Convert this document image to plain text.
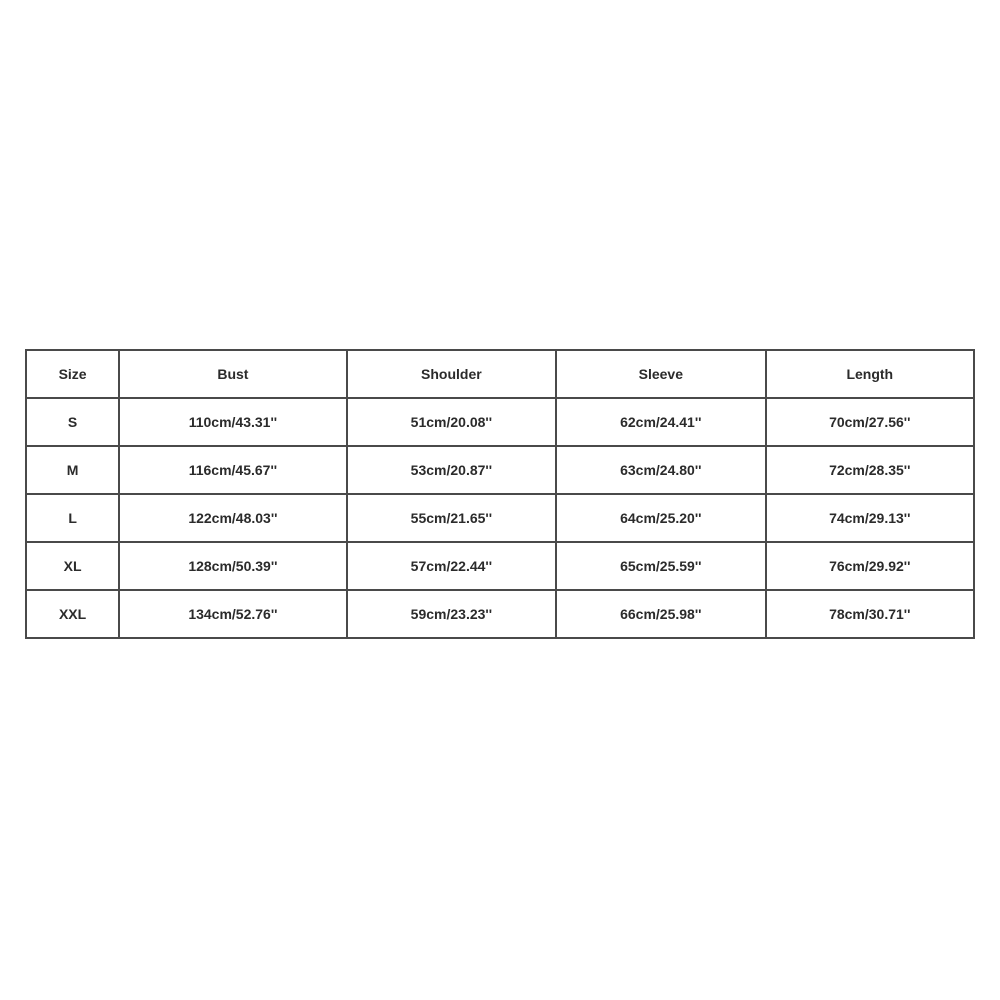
Size	Bust	Shoulder	Sleeve	Length
S	110cm/43.31''	51cm/20.08''	62cm/24.41''	70cm/27.56''
M	116cm/45.67''	53cm/20.87''	63cm/24.80''	72cm/28.35''
L	122cm/48.03''	55cm/21.65''	64cm/25.20''	74cm/29.13''
XL	128cm/50.39''	57cm/22.44''	65cm/25.59''	76cm/29.92''
XXL	134cm/52.76''	59cm/23.23''	66cm/25.98''	78cm/30.71''
